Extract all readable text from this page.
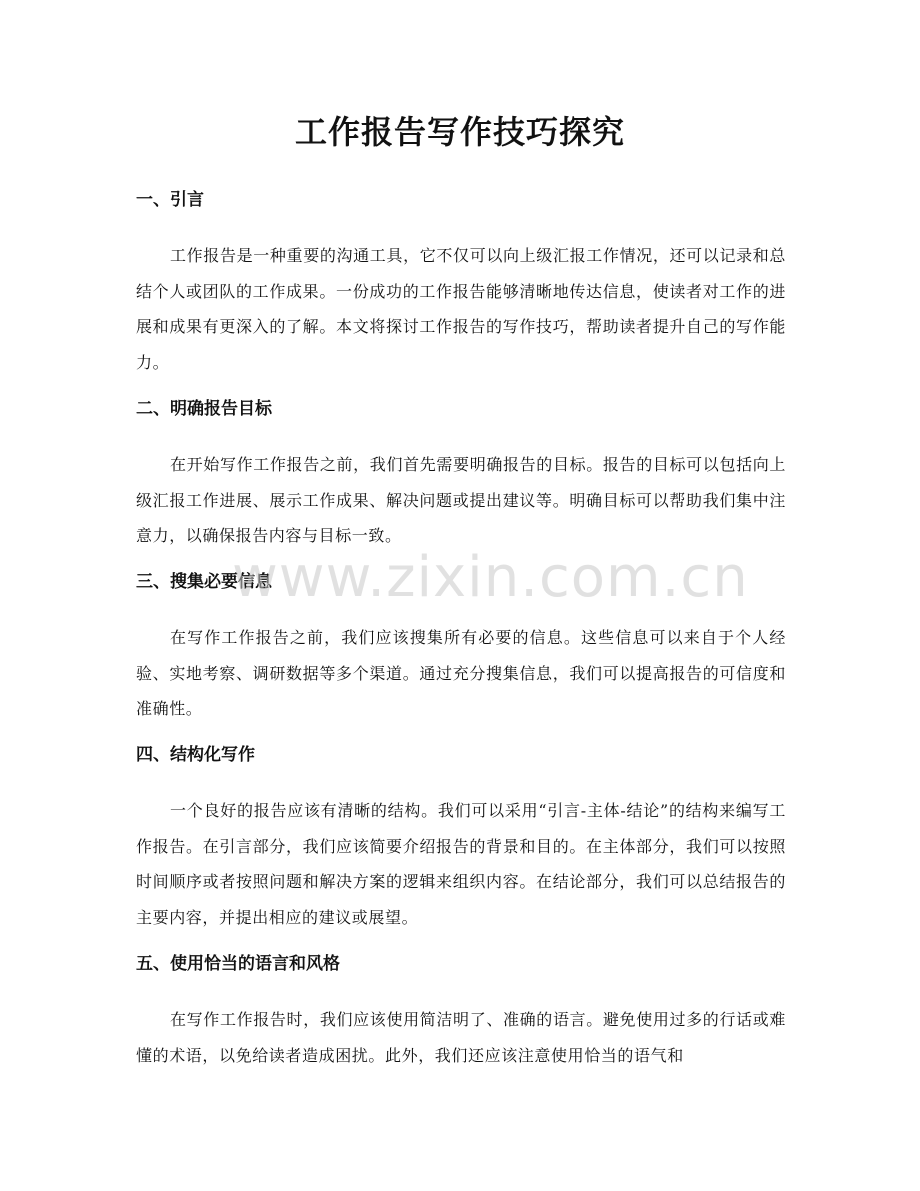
工作报告写作技巧探究
一、引言

工作报告是一种重要的沟通工具，它不仅可以向上级汇报工作情况，还可以记录和总结个人或团队的工作成果。一份成功的工作报告能够清晰地传达信息，使读者对工作的进展和成果有更深入的了解。本文将探讨工作报告的写作技巧，帮助读者提升自己的写作能力。

二、明确报告目标

在开始写作工作报告之前，我们首先需要明确报告的目标。报告的目标可以包括向上级汇报工作进展、展示工作成果、解决问题或提出建议等。明确目标可以帮助我们集中注意力，以确保报告内容与目标一致。

三、搜集必要信息

在写作工作报告之前，我们应该搜集所有必要的信息。这些信息可以来自于个人经验、实地考察、调研数据等多个渠道。通过充分搜集信息，我们可以提高报告的可信度和准确性。

四、结构化写作

一个良好的报告应该有清晰的结构。我们可以采用“引言-主体-结论”的结构来编写工作报告。在引言部分，我们应该简要介绍报告的背景和目的。在主体部分，我们可以按照时间顺序或者按照问题和解决方案的逻辑来组织内容。在结论部分，我们可以总结报告的主要内容，并提出相应的建议或展望。

五、使用恰当的语言和风格

在写作工作报告时，我们应该使用简洁明了、准确的语言。避免使用过多的行话或难懂的术语，以免给读者造成困扰。此外，我们还应该注意使用恰当的语气和

www.zixin.com.cn
